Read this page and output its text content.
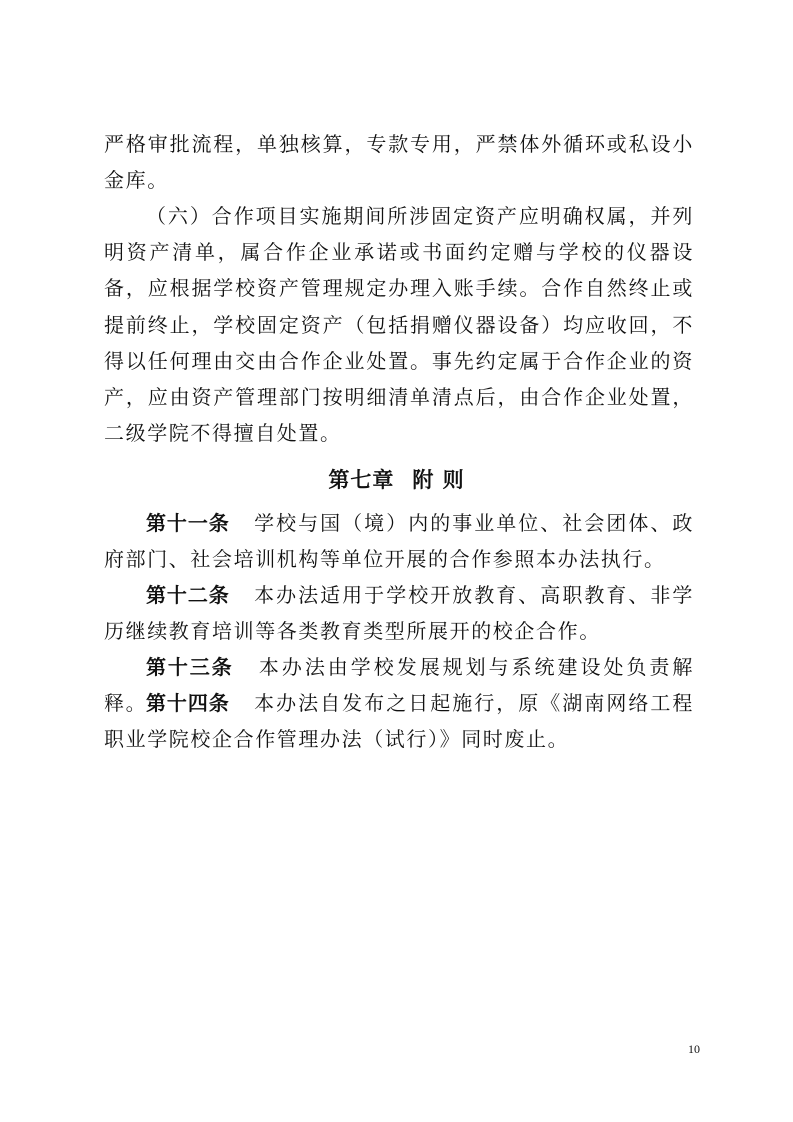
严格审批流程，单独核算，专款专用，严禁体外循环或私设小金库。

（六）合作项目实施期间所涉固定资产应明确权属，并列明资产清单，属合作企业承诺或书面约定赠与学校的仪器设备，应根据学校资产管理规定办理入账手续。合作自然终止或提前终止，学校固定资产（包括捐赠仪器设备）均应收回，不得以任何理由交由合作企业处置。事先约定属于合作企业的资产，应由资产管理部门按明细清单清点后，由合作企业处置，二级学院不得擅自处置。

第七章 附 则

第十一条 学校与国（境）内的事业单位、社会团体、政府部门、社会培训机构等单位开展的合作参照本办法执行。

第十二条 本办法适用于学校开放教育、高职教育、非学历继续教育培训等各类教育类型所展开的校企合作。

第十三条 本办法由学校发展规划与系统建设处负责解释。

第十四条 本办法自发布之日起施行，原《湖南网络工程职业学院校企合作管理办法（试行）》同时废止。

10
